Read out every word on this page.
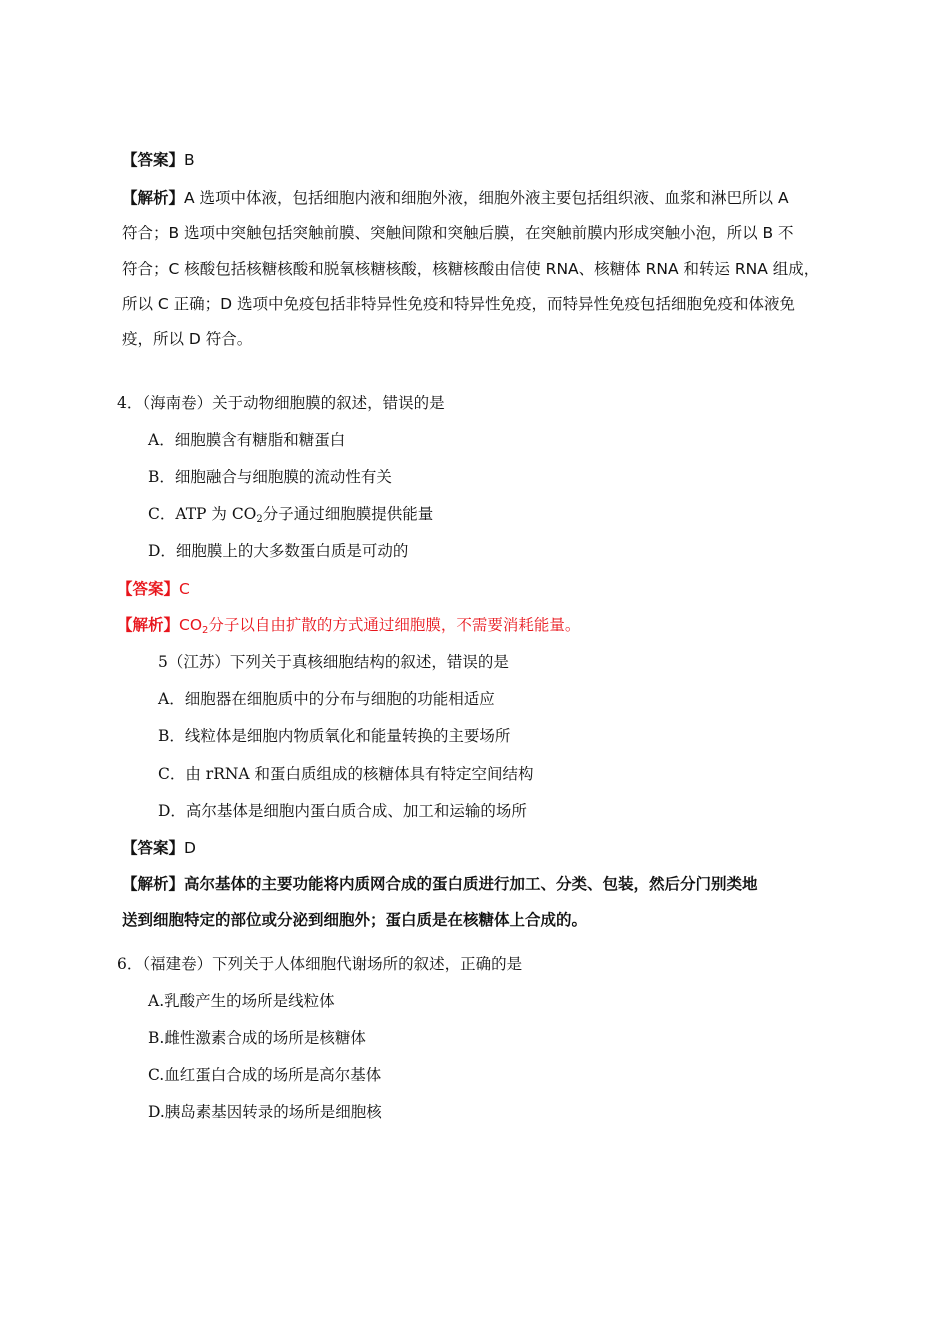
【答案】B
【解析】A 选项中体液，包括细胞内液和细胞外液，细胞外液主要包括组织液、血浆和淋巴所以 A
符合；B 选项中突触包括突触前膜、突触间隙和突触后膜，在突触前膜内形成突触小泡，所以 B 不
符合；C 核酸包括核糖核酸和脱氧核糖核酸，核糖核酸由信使 RNA、核糖体 RNA 和转运 RNA 组成，
所以 C 正确；D 选项中免疫包括非特异性免疫和特异性免疫，而特异性免疫包括细胞免疫和体液免
疫，所以 D 符合。
4．（海南卷）关于动物细胞膜的叙述，错误的是
A．细胞膜含有糖脂和糖蛋白
B．细胞融合与细胞膜的流动性有关
C．ATP 为 $CO_2$分子通过细胞膜提供能量
D．细胞膜上的大多数蛋白质是可动的
【答案】C
【解析】$CO_2$分子以自由扩散的方式通过细胞膜，不需要消耗能量。
5（江苏）下列关于真核细胞结构的叙述，错误的是
A．细胞器在细胞质中的分布与细胞的功能相适应
B．线粒体是细胞内物质氧化和能量转换的主要场所
C．由 rRNA 和蛋白质组成的核糖体具有特定空间结构
D．高尔基体是细胞内蛋白质合成、加工和运输的场所
【答案】D
【解析】高尔基体的主要功能将内质网合成的蛋白质进行加工、分类、包装，然后分门别类地
送到细胞特定的部位或分泌到细胞外；蛋白质是在核糖体上合成的。
6．（福建卷）下列关于人体细胞代谢场所的叙述，正确的是
A.乳酸产生的场所是线粒体
B.雌性激素合成的场所是核糖体
C.血红蛋白合成的场所是高尔基体
D.胰岛素基因转录的场所是细胞核
